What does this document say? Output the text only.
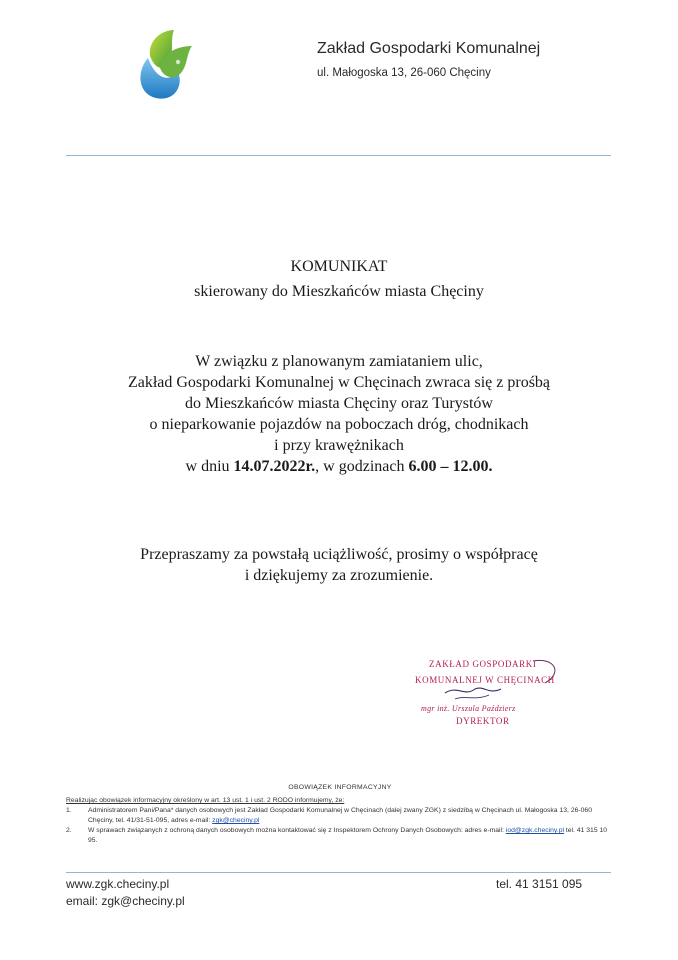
Zakład Gospodarki Komunalnej
ul. Małogoska 13, 26-060 Chęciny
KOMUNIKAT
skierowany do Mieszkańców miasta Chęciny
W związku z planowanym zamiataniem ulic,
Zakład Gospodarki Komunalnej w Chęcinach zwraca się z prośbą
do Mieszkańców miasta Chęciny oraz Turystów
o nieparkowanie pojazdów na poboczach dróg, chodnikach
i przy krawężnikach
w dniu 14.07.2022r., w godzinach 6.00 – 12.00.
Przepraszamy za powstałą uciążliwość, prosimy o współpracę
i dziękujemy za zrozumienie.
ZAKŁAD GOSPODARKI
KOMUNALNEJ W CHĘCINACH
mgr inż. Urszula Paździerz
DYREKTOR
OBOWIĄZEK INFORMACYJNY
Realizując obowiązek informacyjny określony w art. 13 ust. 1 i ust. 2 RODO informujemy, że:
1.	Administratorem Pani/Pana* danych osobowych jest Zakład Gospodarki Komunalnej w Chęcinach (dalej zwany ZGK) z siedzibą w Chęcinach ul. Małogoska 13, 26-060 Chęciny, tel. 41/31-51-095, adres e-mail: zgk@checiny.pl
2.	W sprawach związanych z ochroną danych osobowych można kontaktować się z Inspektorem Ochrony Danych Osobowych: adres e-mail: iod@zgk.checiny.pl tel. 41 315 10 95.
www.zgk.checiny.pl
email: zgk@checiny.pl
tel. 41 3151 095
